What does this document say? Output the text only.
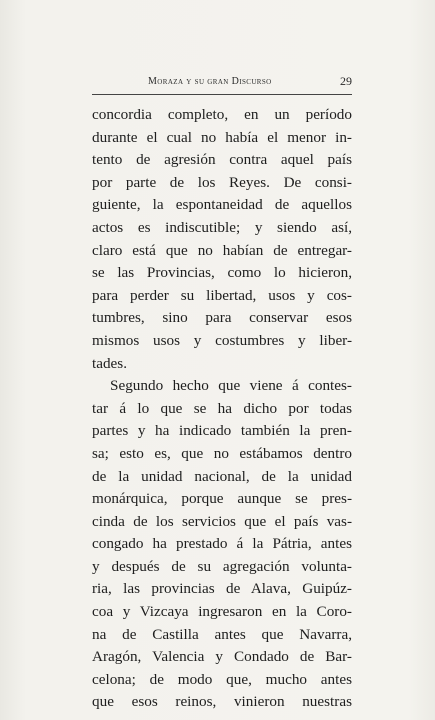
Moraza y su gran Discurso	29
concordia completo, en un período
durante el cual no había el menor in-
tento de agresión contra aquel país
por parte de los Reyes. De consi-
guiente, la espontaneidad de aquellos
actos es indiscutible; y siendo así,
claro está que no habían de entregar-
se las Provincias, como lo hicieron,
para perder su libertad, usos y cos-
tumbres, sino para conservar esos
mismos usos y costumbres y liber-
tades.
Segundo hecho que viene á contes-
tar á lo que se ha dicho por todas
partes y ha indicado también la pren-
sa; esto es, que no estábamos dentro
de la unidad nacional, de la unidad
monárquica, porque aunque se pres-
cinda de los servicios que el país vas-
congado ha prestado á la Pátria, antes
y después de su agregación volunta-
ria, las provincias de Alava, Guipúz-
coa y Vizcaya ingresaron en la Coro-
na de Castilla antes que Navarra,
Aragón, Valencia y Condado de Bar-
celona; de modo que, mucho antes
que esos reinos, vinieron nuestras
